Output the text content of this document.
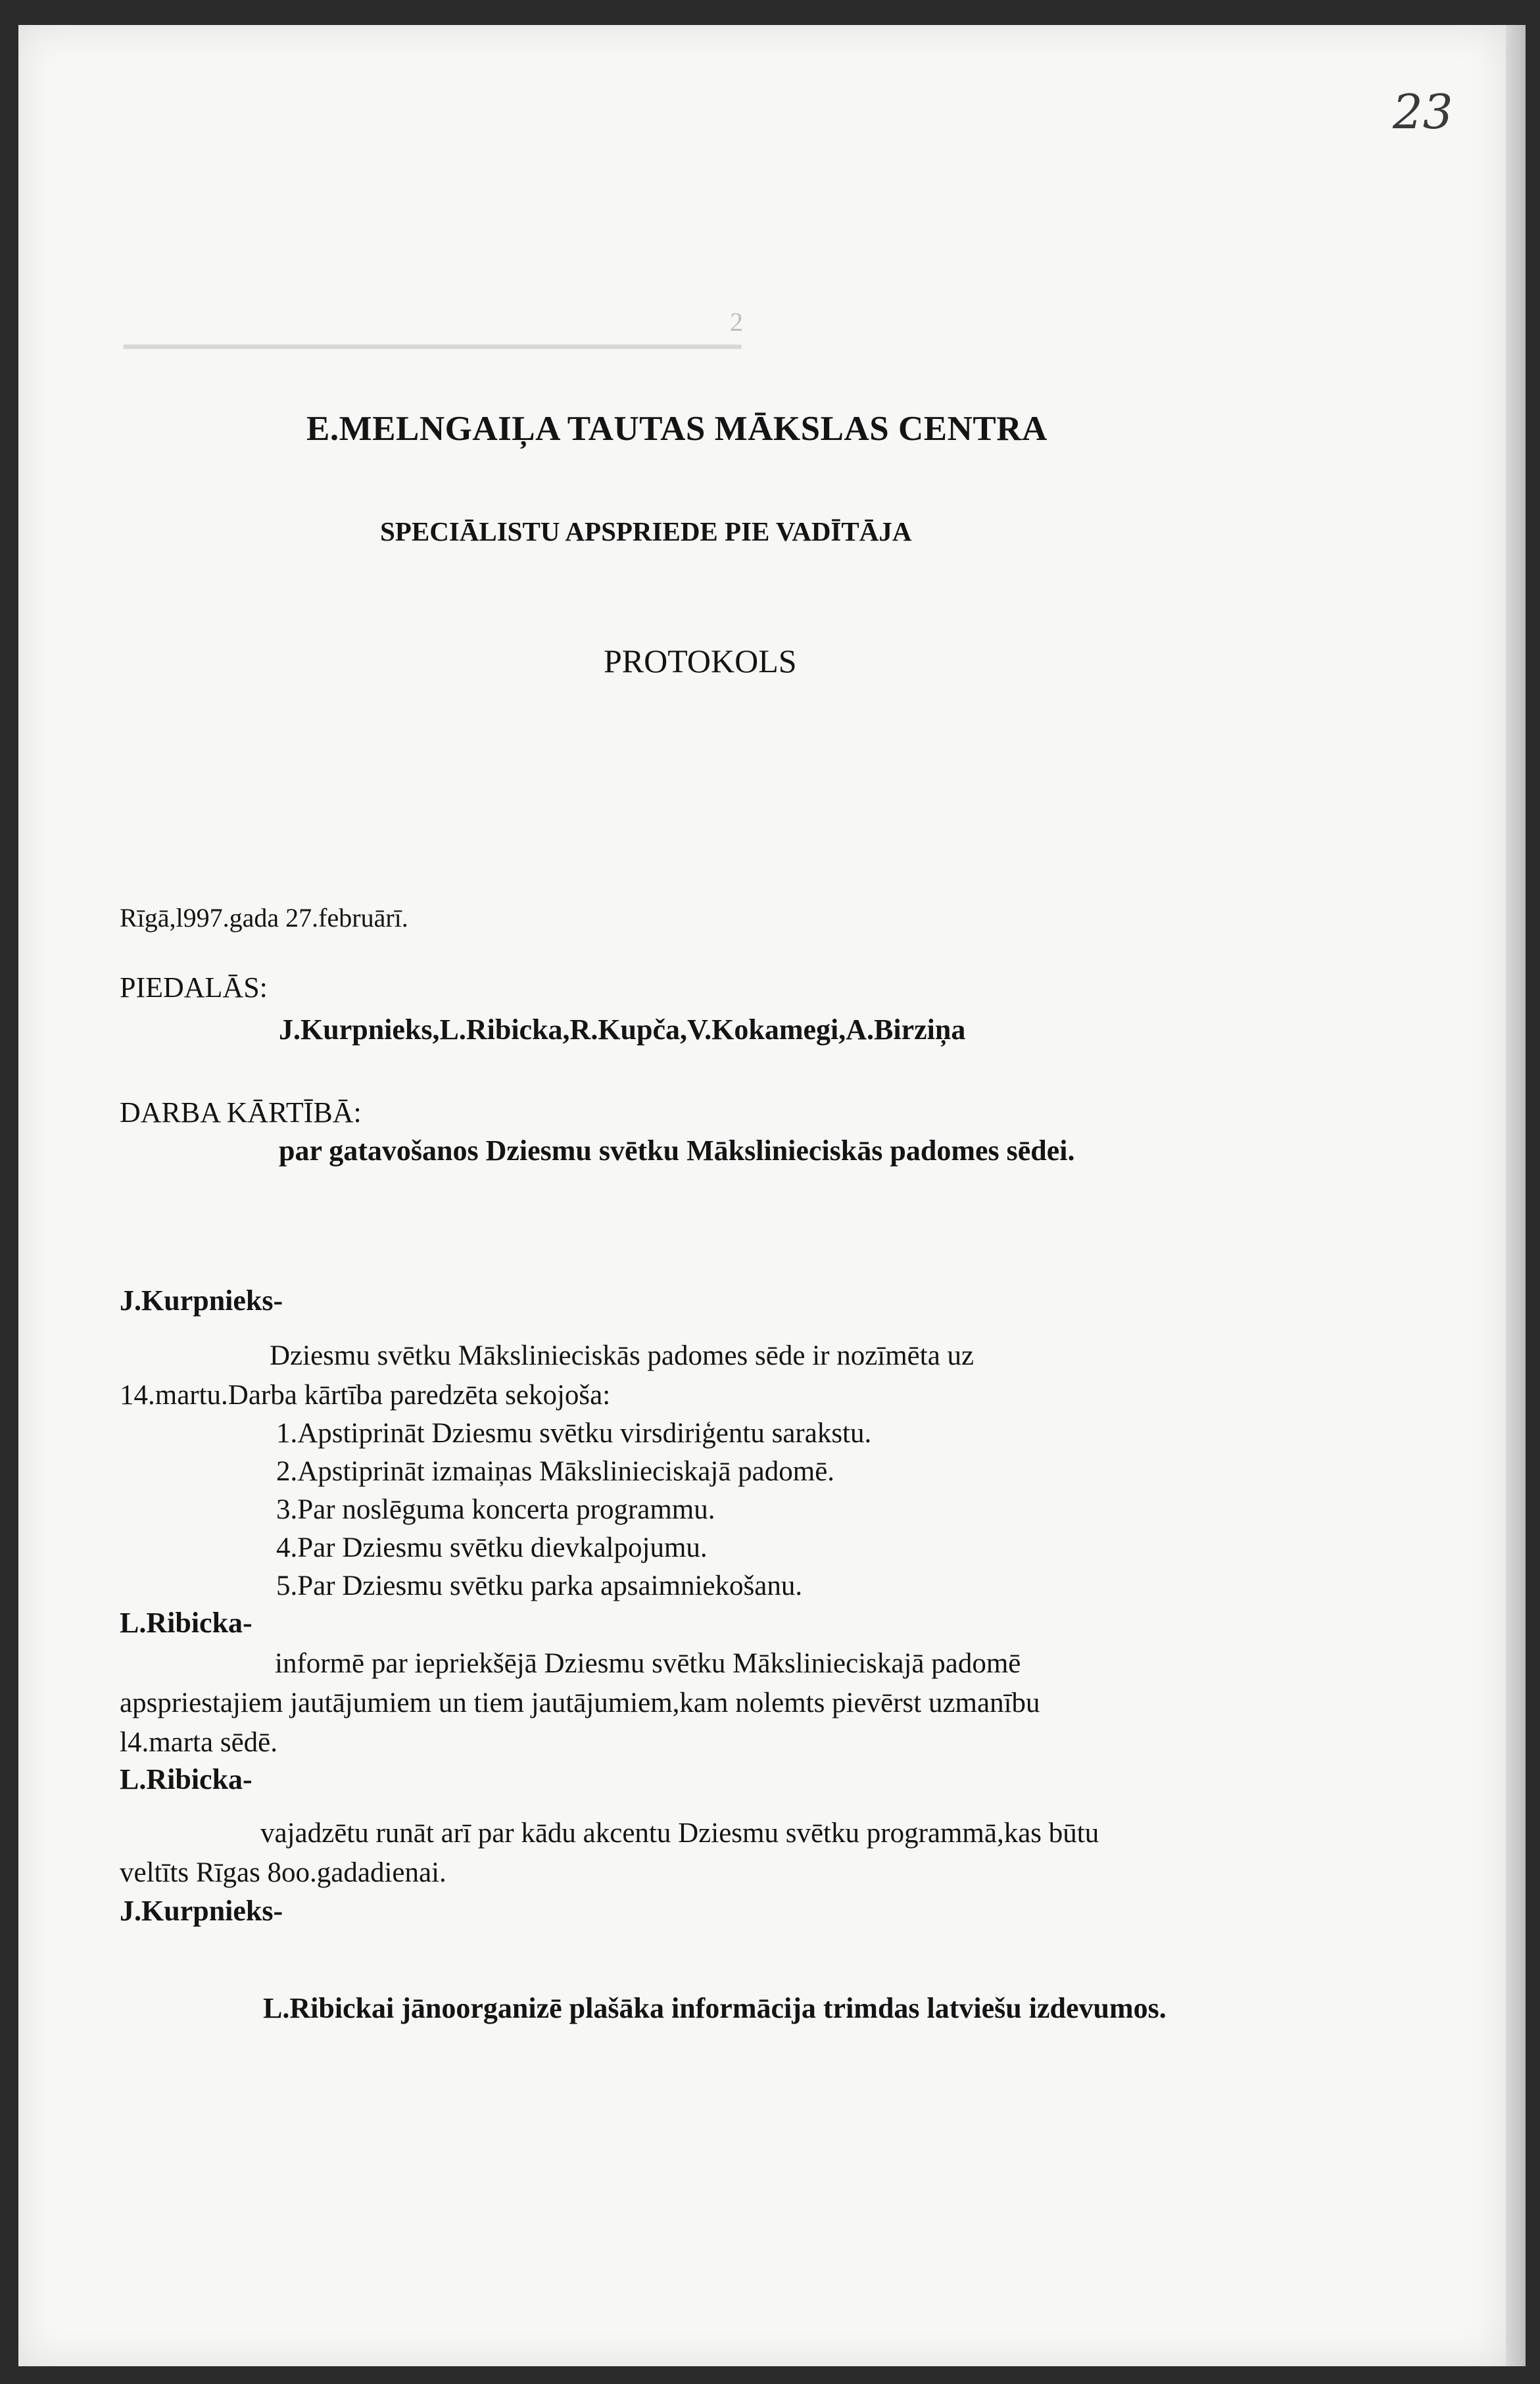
━━━━━━━━━━━━━━━━━━━━━━━━━━━━━━━━━━━━━━━
23
2
E.MELNGAIĻA TAUTAS MĀKSLAS CENTRA
SPECIĀLISTU APSPRIEDE PIE VADĪTĀJA
PROTOKOLS
Rīgā,l997.gada 27.februārī.
PIEDALĀS:
J.Kurpnieks,L.Ribicka,R.Kupča,V.Kokamegi,A.Birziņa
DARBA KĀRTĪBĀ:
par gatavošanos Dziesmu svētku Mākslinieciskās padomes sēdei.
J.Kurpnieks-
Dziesmu svētku Mākslinieciskās padomes sēde ir nozīmēta uz
14.martu.Darba kārtība paredzēta sekojoša:
1.Apstiprināt Dziesmu svētku virsdiriģentu sarakstu.
2.Apstiprināt izmaiņas Mākslinieciskajā padomē.
3.Par noslēguma koncerta programmu.
4.Par Dziesmu svētku dievkalpojumu.
5.Par Dziesmu svētku parka apsaimniekošanu.
L.Ribicka-
informē par iepriekšējā Dziesmu svētku Mākslinieciskajā padomē
apspriestajiem jautājumiem un tiem jautājumiem,kam nolemts pievērst uzmanību
l4.marta sēdē.
L.Ribicka-
vajadzētu runāt arī par kādu akcentu Dziesmu svētku programmā,kas būtu
veltīts Rīgas 8oo.gadadienai.
J.Kurpnieks-
L.Ribickai jānoorganizē plašāka informācija trimdas latviešu izdevumos.
